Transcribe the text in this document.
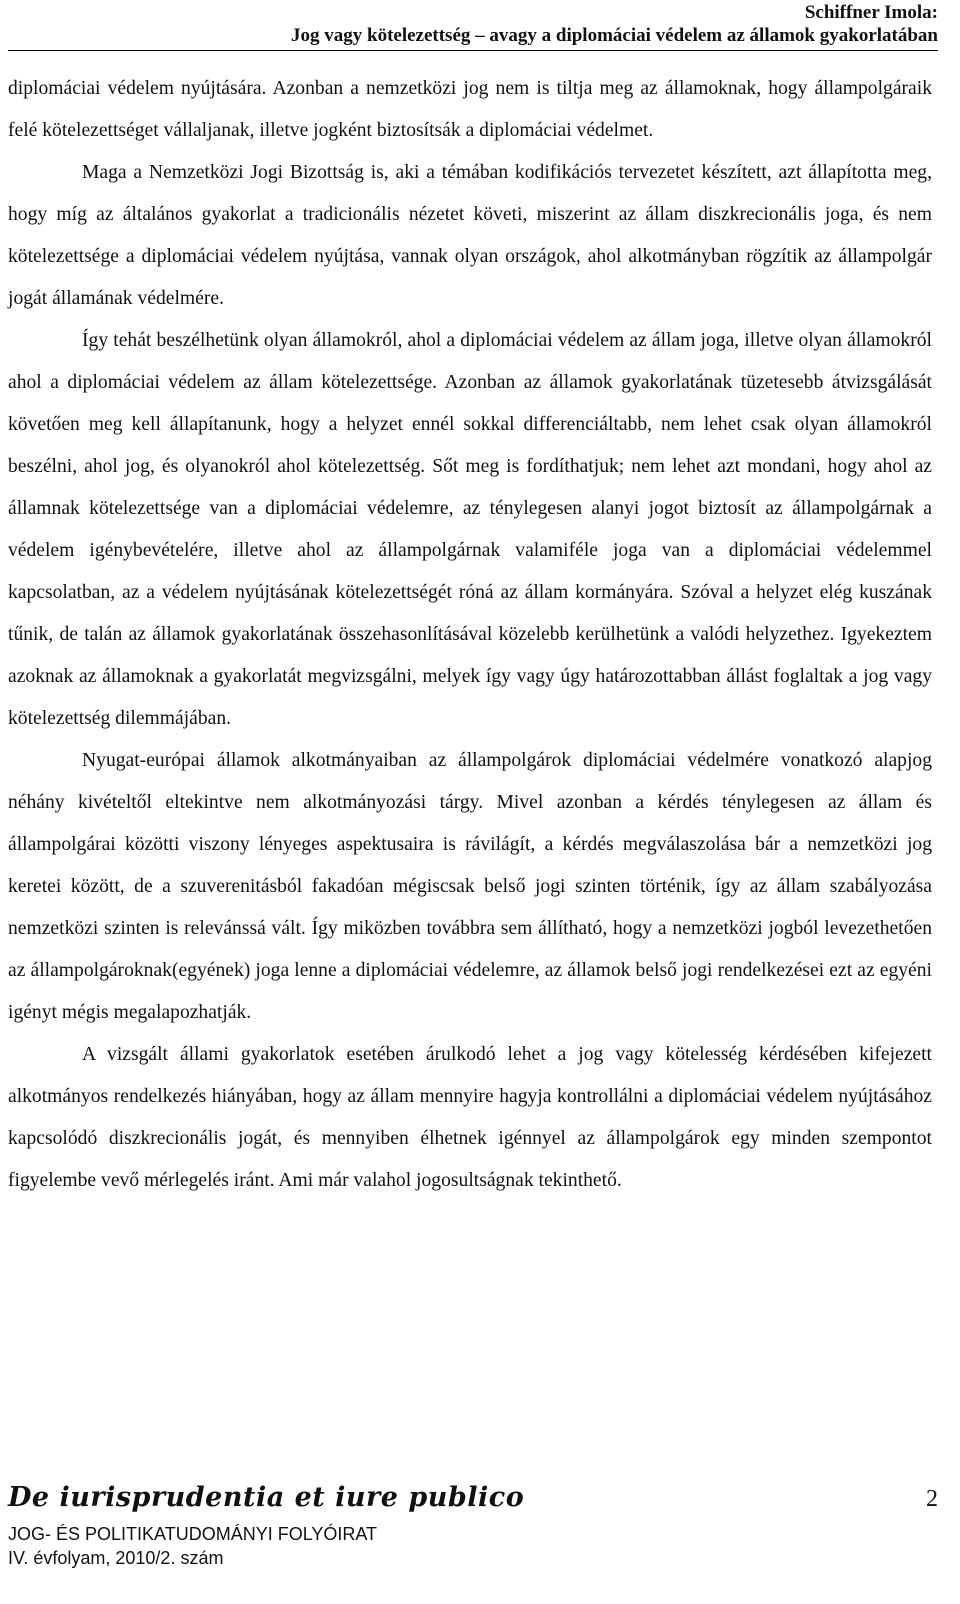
Schiffner Imola:
Jog vagy kötelezettség – avagy a diplomáciai védelem az államok gyakorlatában

diplomáciai védelem nyújtására. Azonban a nemzetközi jog nem is tiltja meg az államoknak, hogy állampolgáraik felé kötelezettséget vállaljanak, illetve jogként biztosítsák a diplomáciai védelmet.

Maga a Nemzetközi Jogi Bizottság is, aki a témában kodifikációs tervezetet készített, azt állapította meg, hogy míg az általános gyakorlat a tradicionális nézetet követi, miszerint az állam diszkrecionális joga, és nem kötelezettsége a diplomáciai védelem nyújtása, vannak olyan országok, ahol alkotmányban rögzítik az állampolgár jogát államának védelmére.

Így tehát beszélhetünk olyan államokról, ahol a diplomáciai védelem az állam joga, illetve olyan államokról ahol a diplomáciai védelem az állam kötelezettsége. Azonban az államok gyakorlatának tüzetesebb átvizsgálását követően meg kell állapítanunk, hogy a helyzet ennél sokkal differenciáltabb, nem lehet csak olyan államokról beszélni, ahol jog, és olyanokról ahol kötelezettség. Sőt meg is fordíthatjuk; nem lehet azt mondani, hogy ahol az államnak kötelezettsége van a diplomáciai védelemre, az ténylegesen alanyi jogot biztosít az állampolgárnak a védelem igénybevételére, illetve ahol az állampolgárnak valamiféle joga van a diplomáciai védelemmel kapcsolatban, az a védelem nyújtásának kötelezettségét róná az állam kormányára. Szóval a helyzet elég kuszának tűnik, de talán az államok gyakorlatának összehasonlításával közelebb kerülhetünk a valódi helyzethez. Igyekeztem azoknak az államoknak a gyakorlatát megvizsgálni, melyek így vagy úgy határozottabban állást foglaltak a jog vagy kötelezettség dilemmájában.

Nyugat-európai államok alkotmányaiban az állampolgárok diplomáciai védelmére vonatkozó alapjog néhány kivételtől eltekintve nem alkotmányozási tárgy. Mivel azonban a kérdés ténylegesen az állam és állampolgárai közötti viszony lényeges aspektusaira is rávilágít, a kérdés megválaszolása bár a nemzetközi jog keretei között, de a szuverenitásból fakadóan mégiscsak belső jogi szinten történik, így az állam szabályozása nemzetközi szinten is relevánssá vált. Így miközben továbbra sem állítható, hogy a nemzetközi jogból levezethetően az állampolgároknak(egyének) joga lenne a diplomáciai védelemre, az államok belső jogi rendelkezései ezt az egyéni igényt mégis megalapozhatják.

A vizsgált állami gyakorlatok esetében árulkodó lehet a jog vagy kötelesség kérdésében kifejezett alkotmányos rendelkezés hiányában, hogy az állam mennyire hagyja kontrollálni a diplomáciai védelem nyújtásához kapcsolódó diszkrecionális jogát, és mennyiben élhetnek igénnyel az állampolgárok egy minden szempontot figyelembe vevő mérlegelés iránt. Ami már valahol jogosultságnak tekinthető.

De iurisprudentia et iure publico	2
JOG- ÉS POLITIKATUDOMÁNYI FOLYÓIRAT
IV. évfolyam, 2010/2. szám
